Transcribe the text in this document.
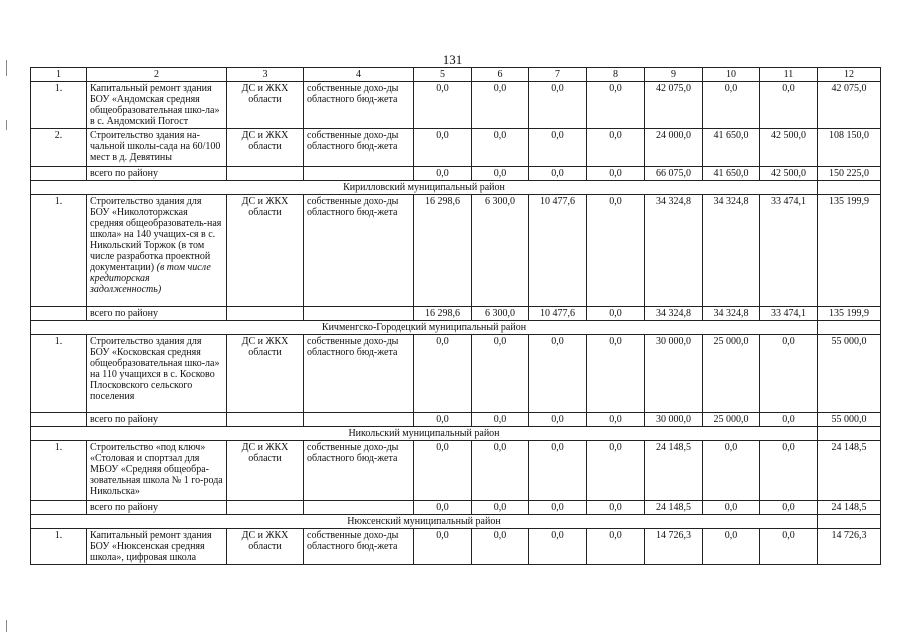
131
1	2	3	4	5	6	7	8	9	10	11	12
1.	Капитальный ремонт здания БОУ «Андомская средняя общеобразовательная шко-ла» в с. Андомский Погост	ДС и ЖКХ области	собственные дохо-ды областного бюд-жета	0,0	0,0	0,0	0,0	42 075,0	0,0	0,0	42 075,0
2.	Строительство здания на-чальной школы-сада на 60/100 мест в д. Девятины	ДС и ЖКХ области	собственные дохо-ды областного бюд-жета	0,0	0,0	0,0	0,0	24 000,0	41 650,0	42 500,0	108 150,0
	всего по району			0,0	0,0	0,0	0,0	66 075,0	41 650,0	42 500,0	150 225,0
Кирилловский муниципальный район											
1.	Строительство здания для БОУ «Николоторжская средняя общеобразователь-ная школа» на 140 учащих-ся в с. Никольский Торжок (в том числе разработка проектной документации) (в том числе кредиторская задолженность)	ДС и ЖКХ области	собственные дохо-ды областного бюд-жета	16 298,6	6 300,0	10 477,6	0,0	34 324,8	34 324,8	33 474,1	135 199,9
	всего по району			16 298,6	6 300,0	10 477,6	0,0	34 324,8	34 324,8	33 474,1	135 199,9
Кичменгско-Городецкий муниципальный район											
1.	Строительство здания для БОУ «Косковская средняя общеобразовательная шко-ла» на 110 учащихся в с. Косково Плосковского сельского поселения	ДС и ЖКХ области	собственные дохо-ды областного бюд-жета	0,0	0,0	0,0	0,0	30 000,0	25 000,0	0,0	55 000,0
	всего по району			0,0	0,0	0,0	0,0	30 000,0	25 000,0	0,0	55 000,0
Никольский муниципальный район											
1.	Строительство «под ключ» «Столовая и спортзал для МБОУ «Средняя общеобра-зовательная школа № 1 го-рода Никольска»	ДС и ЖКХ области	собственные дохо-ды областного бюд-жета	0,0	0,0	0,0	0,0	24 148,5	0,0	0,0	24 148,5
	всего по району			0,0	0,0	0,0	0,0	24 148,5	0,0	0,0	24 148,5
Нюксенский муниципальный район											
1.	Капитальный ремонт здания БОУ «Нюксенская средняя школа», цифровая школа	ДС и ЖКХ области	собственные дохо-ды областного бюд-жета	0,0	0,0	0,0	0,0	14 726,3	0,0	0,0	14 726,3
